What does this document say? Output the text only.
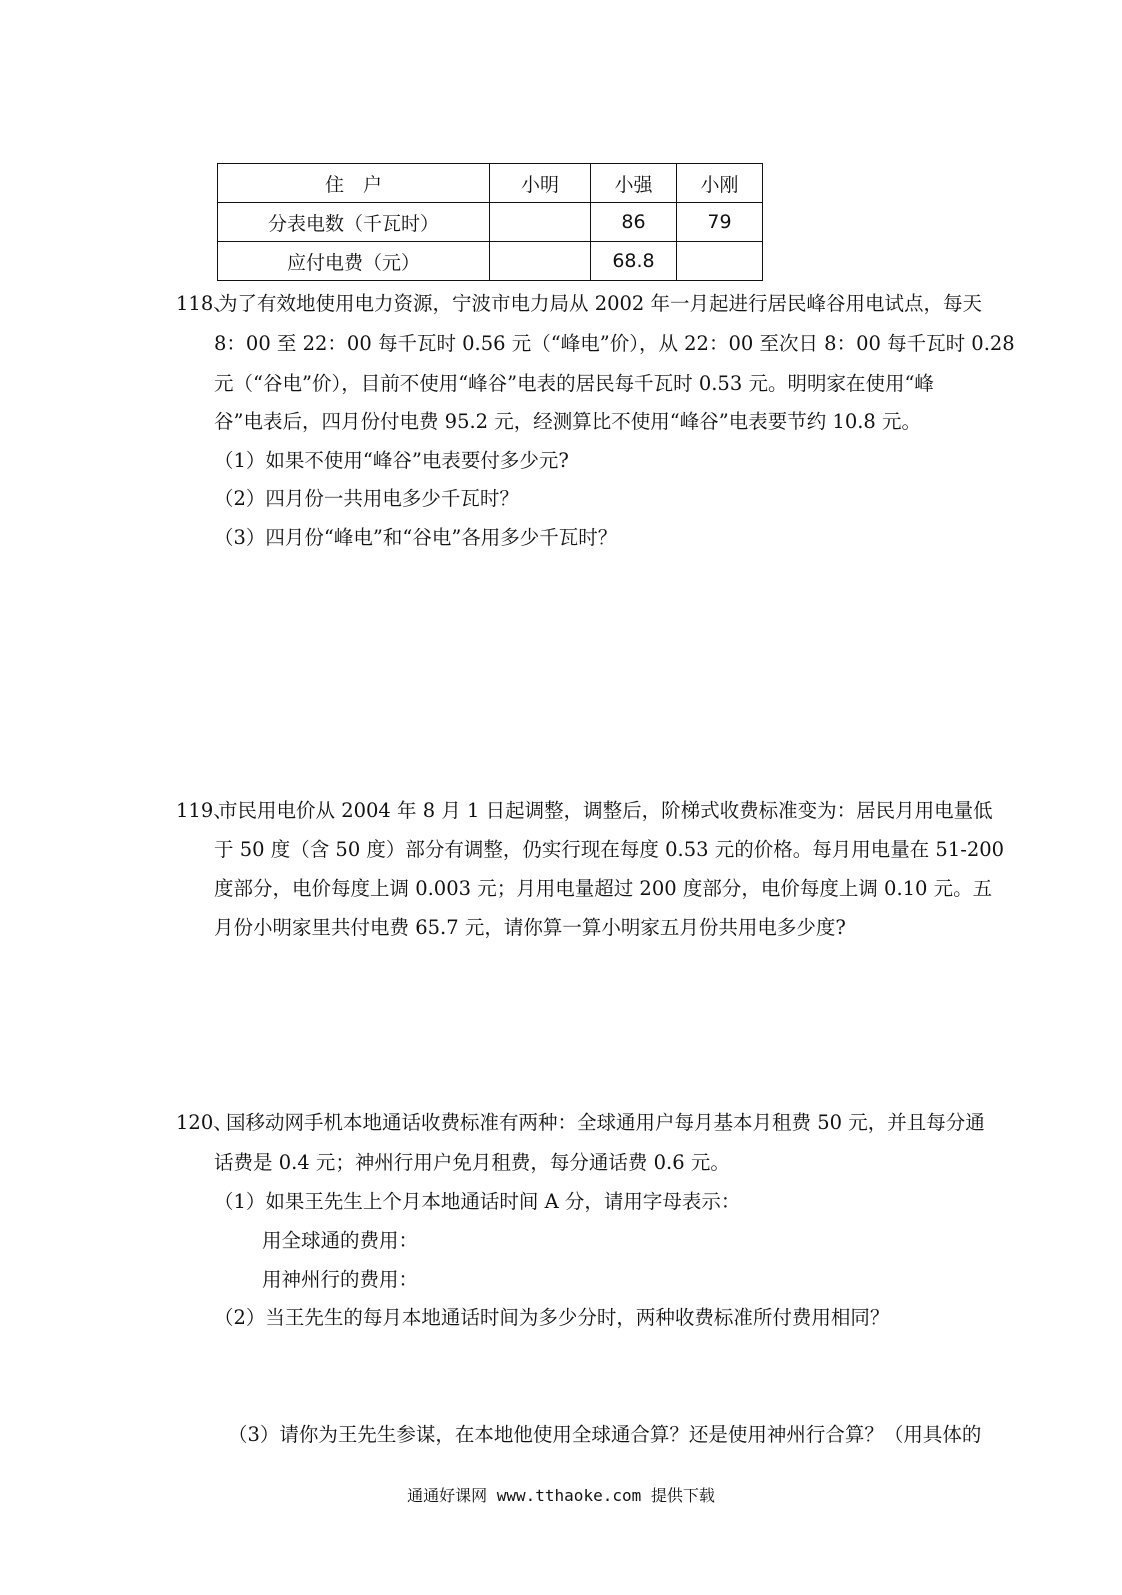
住　户	小明	小强	小刚
分表电数（千瓦时）		86	79
应付电费（元）		68.8	
118、
为了有效地使用电力资源，宁波市电力局从 2002 年一月起进行居民峰谷用电试点，每天
8：00 至 22：00 每千瓦时 0.56 元（“峰电”价），从 22：00 至次日 8：00 每千瓦时 0.28
元（“谷电”价），目前不使用“峰谷”电表的居民每千瓦时 0.53 元。明明家在使用“峰
谷”电表后，四月份付电费 95.2 元，经测算比不使用“峰谷”电表要节约 10.8 元。
（1）如果不使用“峰谷”电表要付多少元?
（2）四月份一共用电多少千瓦时？
（3）四月份“峰电”和“谷电”各用多少千瓦时？
119、
市民用电价从 2004 年 8 月 1 日起调整，调整后，阶梯式收费标准变为：居民月用电量低
于 50 度（含 50 度）部分有调整，仍实行现在每度 0.53 元的价格。每月用电量在 51-200
度部分，电价每度上调 0.003 元；月用电量超过 200 度部分，电价每度上调 0.10 元。五
月份小明家里共付电费 65.7 元，请你算一算小明家五月份共用电多少度?
120、
国移动网手机本地通话收费标准有两种：全球通用户每月基本月租费 50 元，并且每分通
话费是 0.4 元；神州行用户免月租费，每分通话费 0.6 元。
（1）如果王先生上个月本地通话时间 A 分，请用字母表示：
用全球通的费用：
用神州行的费用：
（2）当王先生的每月本地通话时间为多少分时，两种收费标准所付费用相同？
（3）请你为王先生参谋，在本地他使用全球通合算？还是使用神州行合算？（用具体的
通通好课网 www.tthaoke.com 提供下载
